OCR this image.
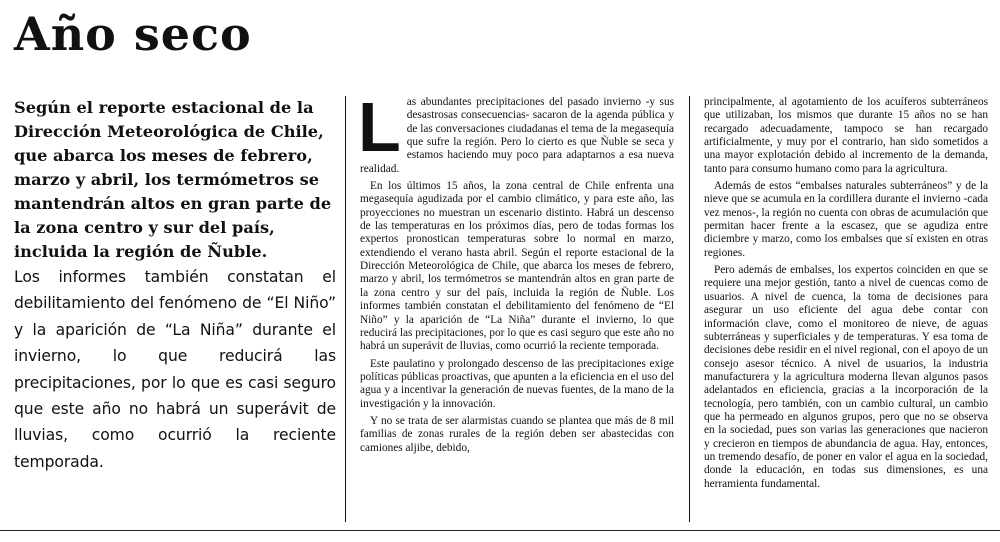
Año seco

Según el reporte estacional de la Dirección Meteorológica de Chile, que abarca los meses de febrero, marzo y abril, los termómetros se mantendrán altos en gran parte de la zona centro y sur del país, incluida la región de Ñuble.

Los informes también constatan el debilitamiento del fenómeno de “El Niño” y la aparición de “La Niña” durante el invierno, lo que reducirá las precipitaciones, por lo que es casi seguro que este año no habrá un superávit de lluvias, como ocurrió la reciente temporada.

Las abundantes precipitaciones del pasado invierno -y sus desastrosas consecuencias- sacaron de la agenda pública y de las conversaciones ciudadanas el tema de la megasequía que sufre la región. Pero lo cierto es que Ñuble se seca y estamos haciendo muy poco para adaptarnos a esa nueva realidad.

En los últimos 15 años, la zona central de Chile enfrenta una megasequía agudizada por el cambio climático, y para este año, las proyecciones no muestran un escenario distinto. Habrá un descenso de las temperaturas en los próximos días, pero de todas formas los expertos pronostican temperaturas sobre lo normal en marzo, extendiendo el verano hasta abril. Según el reporte estacional de la Dirección Meteorológica de Chile, que abarca los meses de febrero, marzo y abril, los termómetros se mantendrán altos en gran parte de la zona centro y sur del país, incluida la región de Ñuble. Los informes también constatan el debilitamiento del fenómeno de “El Niño” y la aparición de “La Niña” durante el invierno, lo que reducirá las precipitaciones, por lo que es casi seguro que este año no habrá un superávit de lluvias, como ocurrió la reciente temporada.

Este paulatino y prolongado descenso de las precipitaciones exige políticas públicas proactivas, que apunten a la eficiencia en el uso del agua y a incentivar la generación de nuevas fuentes, de la mano de la investigación y la innovación.

Y no se trata de ser alarmistas cuando se plantea que más de 8 mil familias de zonas rurales de la región deben ser abastecidas con camiones aljibe, debido,

principalmente, al agotamiento de los acuíferos subterráneos que utilizaban, los mismos que durante 15 años no se han recargado adecuadamente, tampoco se han recargado artificialmente, y muy por el contrario, han sido sometidos a una mayor explotación debido al incremento de la demanda, tanto para consumo humano como para la agricultura.

Además de estos “embalses naturales subterráneos” y de la nieve que se acumula en la cordillera durante el invierno -cada vez menos-, la región no cuenta con obras de acumulación que permitan hacer frente a la escasez, que se agudiza entre diciembre y marzo, como los embalses que sí existen en otras regiones.

Pero además de embalses, los expertos coinciden en que se requiere una mejor gestión, tanto a nivel de cuencas como de usuarios. A nivel de cuenca, la toma de decisiones para asegurar un uso eficiente del agua debe contar con información clave, como el monitoreo de nieve, de aguas subterráneas y superficiales y de temperaturas. Y esa toma de decisiones debe residir en el nivel regional, con el apoyo de un consejo asesor técnico. A nivel de usuarios, la industria manufacturera y la agricultura moderna llevan algunos pasos adelantados en eficiencia, gracias a la incorporación de la tecnología, pero también, con un cambio cultural, un cambio que ha permeado en algunos grupos, pero que no se observa en la sociedad, pues son varias las generaciones que nacieron y crecieron en tiempos de abundancia de agua. Hay, entonces, un tremendo desafío, de poner en valor el agua en la sociedad, donde la educación, en todas sus dimensiones, es una herramienta fundamental.
